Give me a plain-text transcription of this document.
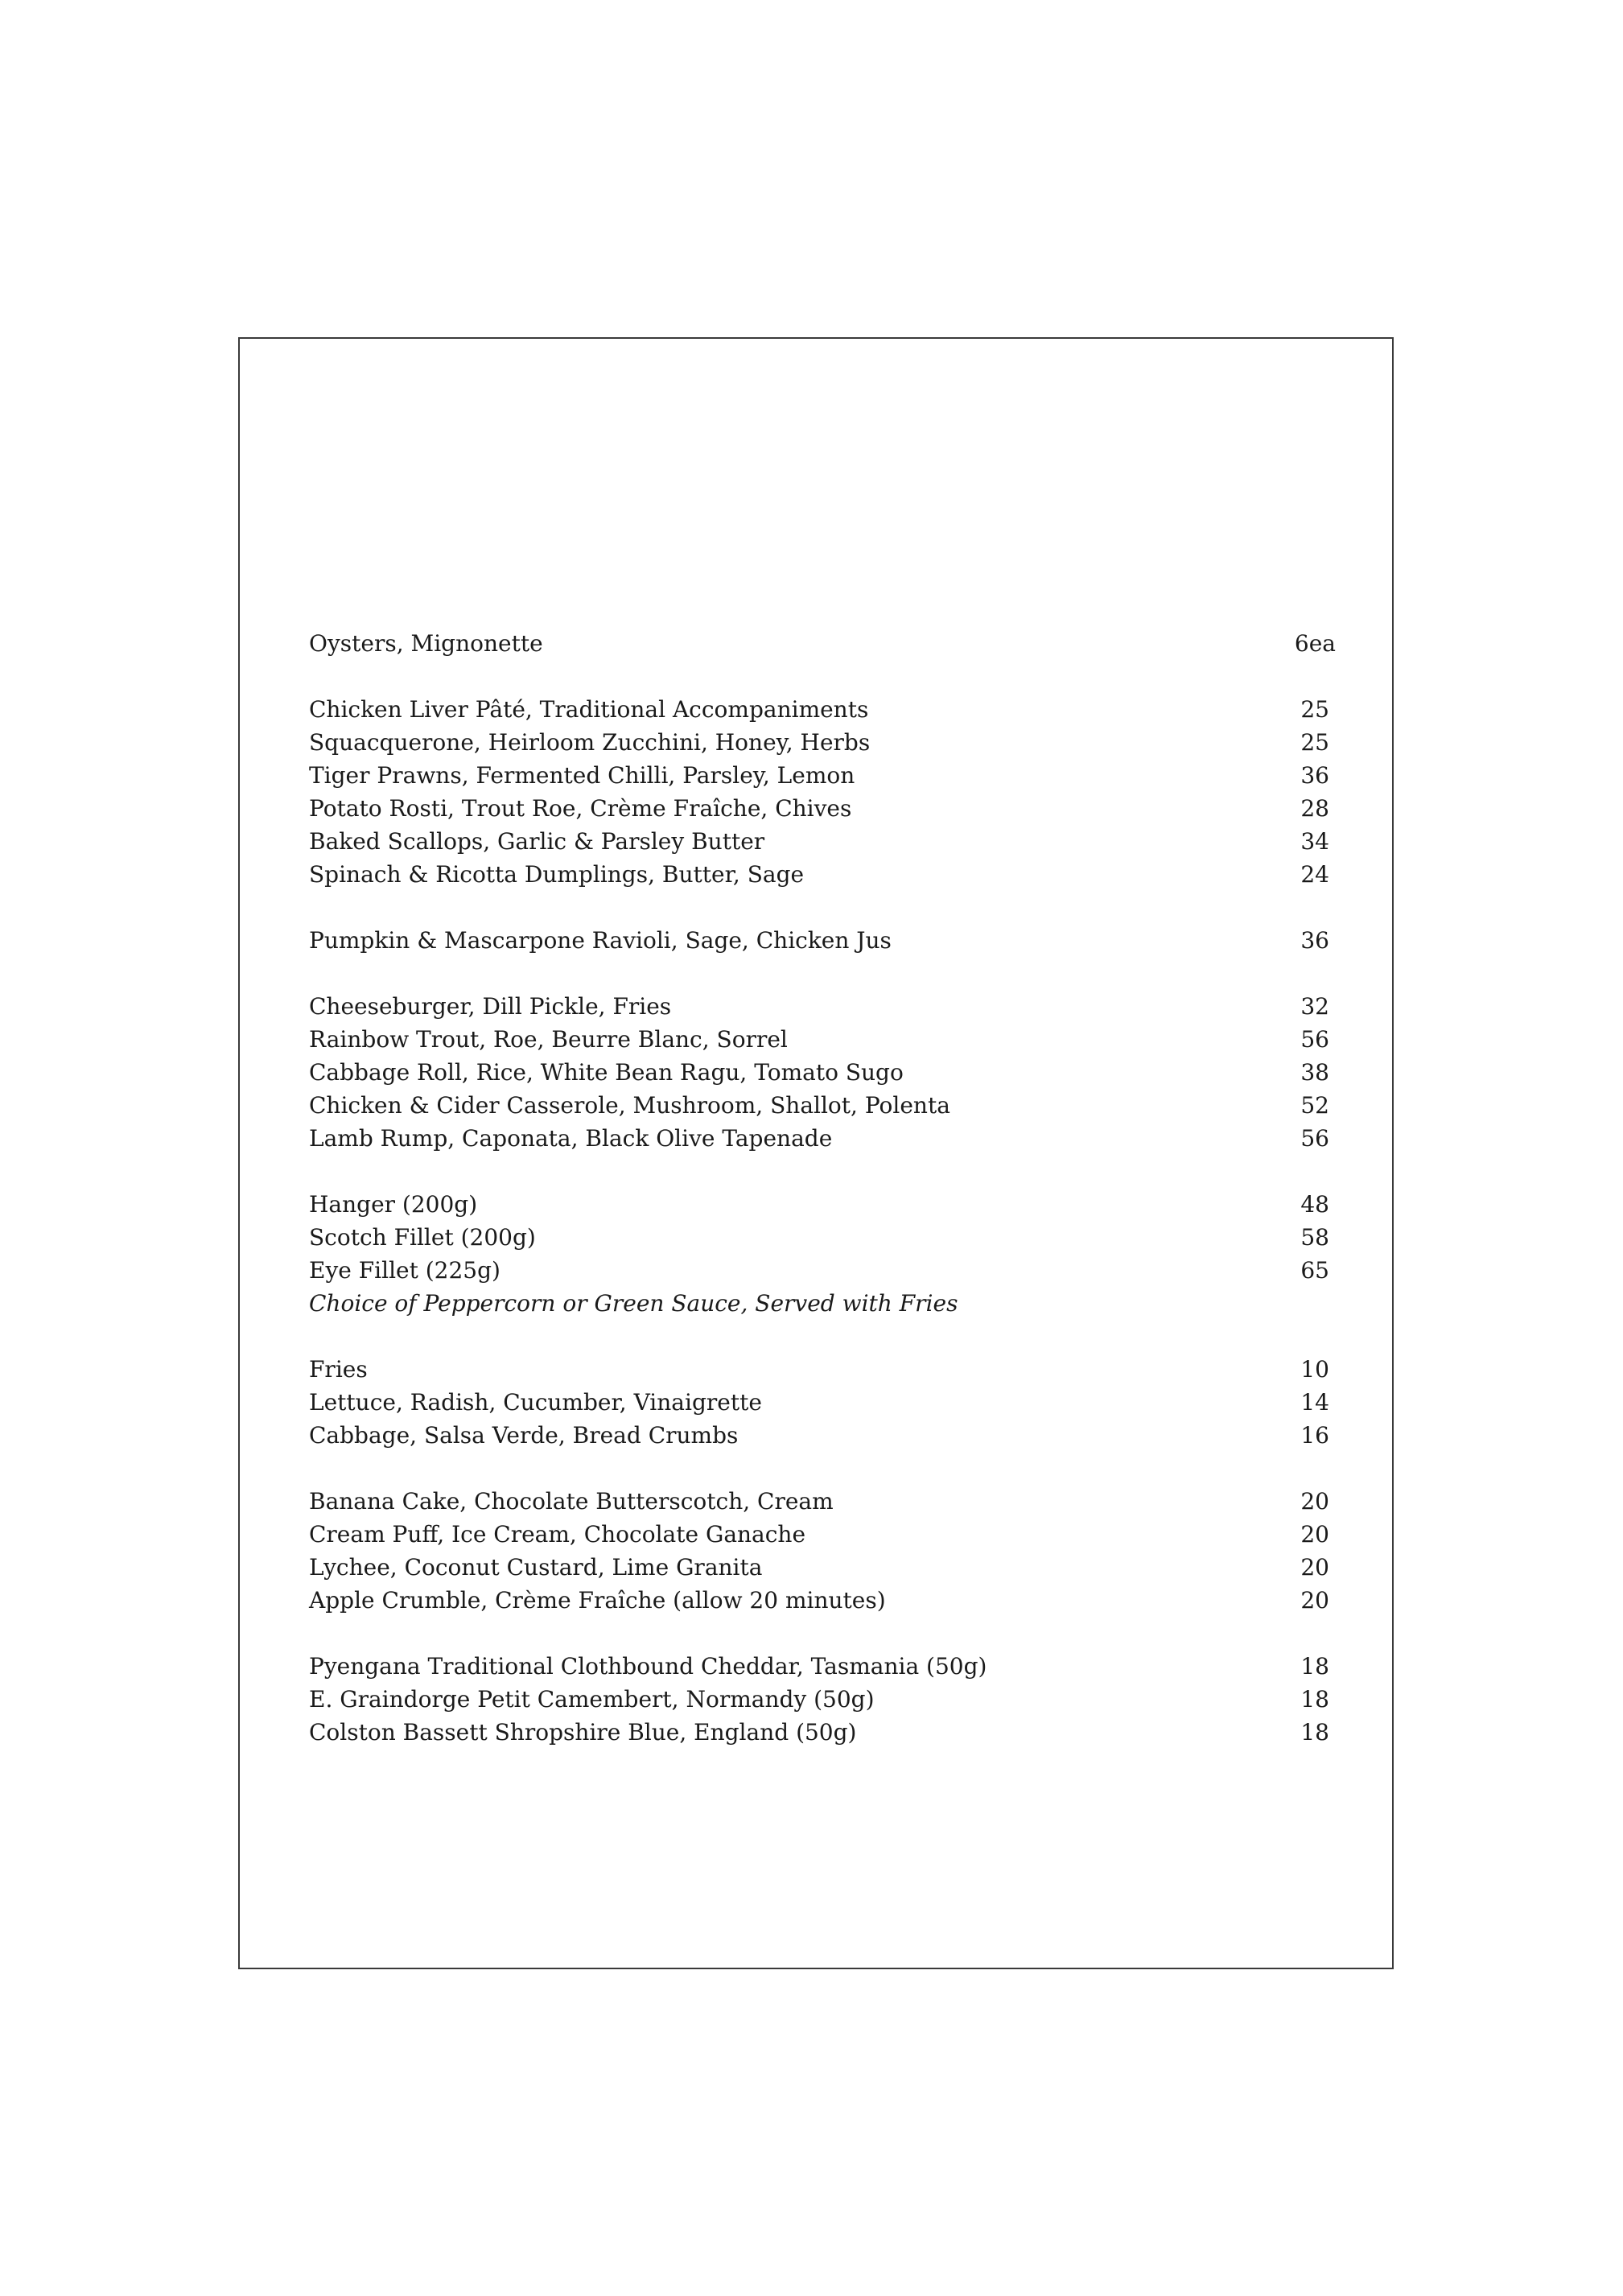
Oysters, Mignonette	6ea
Chicken Liver Pâté, Traditional Accompaniments	25
Squacquerone, Heirloom Zucchini, Honey, Herbs	25
Tiger Prawns, Fermented Chilli, Parsley, Lemon	36
Potato Rosti, Trout Roe, Crème Fraîche, Chives	28
Baked Scallops, Garlic & Parsley Butter	34
Spinach & Ricotta Dumplings, Butter, Sage	24
Pumpkin & Mascarpone Ravioli, Sage, Chicken Jus	36
Cheeseburger, Dill Pickle, Fries	32
Rainbow Trout, Roe, Beurre Blanc, Sorrel	56
Cabbage Roll, Rice, White Bean Ragu, Tomato Sugo	38
Chicken & Cider Casserole, Mushroom, Shallot, Polenta	52
Lamb Rump, Caponata, Black Olive Tapenade	56
Hanger (200g)	48
Scotch Fillet (200g)	58
Eye Fillet (225g)	65
Choice of Peppercorn or Green Sauce, Served with Fries
Fries	10
Lettuce, Radish, Cucumber, Vinaigrette	14
Cabbage, Salsa Verde, Bread Crumbs	16
Banana Cake, Chocolate Butterscotch, Cream	20
Cream Puff, Ice Cream, Chocolate Ganache	20
Lychee, Coconut Custard, Lime Granita	20
Apple Crumble, Crème Fraîche (allow 20 minutes)	20
Pyengana Traditional Clothbound Cheddar, Tasmania (50g)	18
E. Graindorge Petit Camembert, Normandy (50g)	18
Colston Bassett Shropshire Blue, England (50g)	18
